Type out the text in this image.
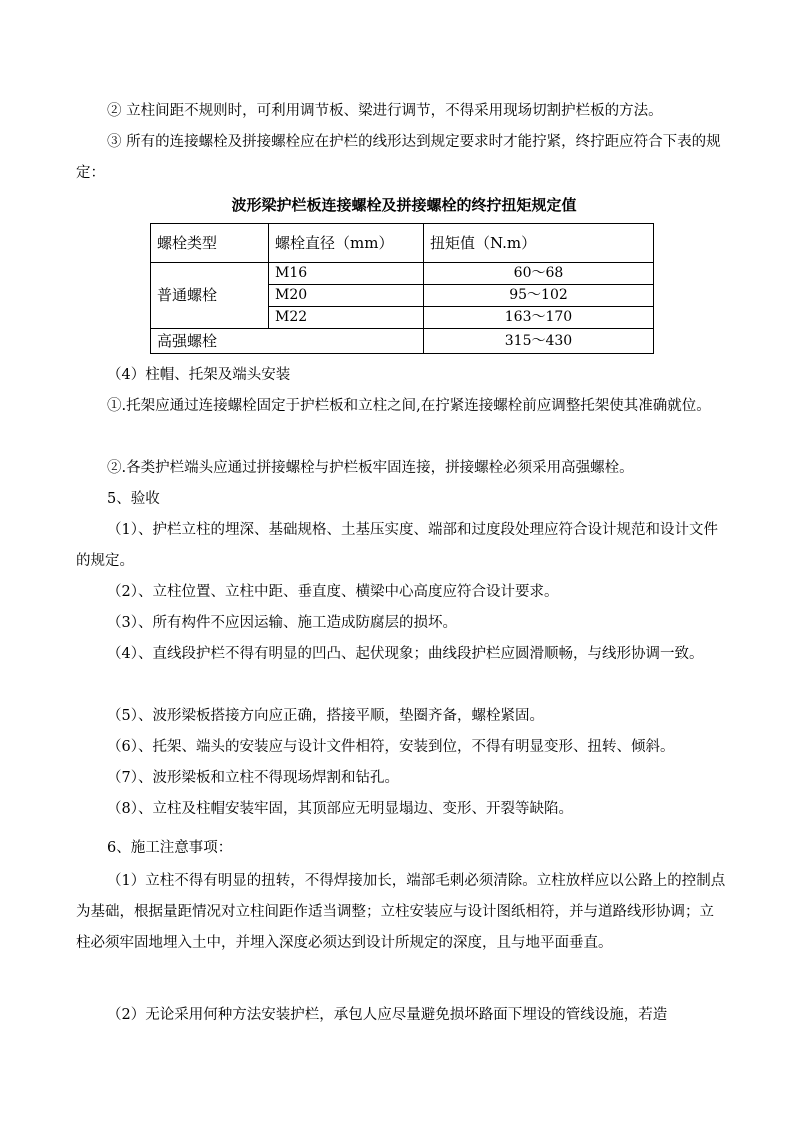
② 立柱间距不规则时，可利用调节板、梁进行调节，不得采用现场切割护栏板的方法。

③ 所有的连接螺栓及拼接螺栓应在护栏的线形达到规定要求时才能拧紧，终拧距应符合下表的规定：

波形梁护栏板连接螺栓及拼接螺栓的终拧扭矩规定值

螺栓类型	螺栓直径（mm）	扭矩值（N.m）
普通螺栓	M16	60～68
	M20	95～102
	M22	163～170
高强螺栓		315～430

（4）柱帽、托架及端头安装

①.托架应通过连接螺栓固定于护栏板和立柱之间,在拧紧连接螺栓前应调整托架使其准确就位。

②.各类护栏端头应通过拼接螺栓与护栏板牢固连接，拼接螺栓必须采用高强螺栓。

5、验收

（1）、护栏立柱的埋深、基础规格、土基压实度、端部和过度段处理应符合设计规范和设计文件的规定。

（2）、立柱位置、立柱中距、垂直度、横梁中心高度应符合设计要求。

（3）、所有构件不应因运输、施工造成防腐层的损坏。

（4）、直线段护栏不得有明显的凹凸、起伏现象；曲线段护栏应圆滑顺畅，与线形协调一致。

（5）、波形梁板搭接方向应正确，搭接平顺，垫圈齐备，螺栓紧固。

（6）、托架、端头的安装应与设计文件相符，安装到位，不得有明显变形、扭转、倾斜。

（7）、波形梁板和立柱不得现场焊割和钻孔。

（8）、立柱及柱帽安装牢固，其顶部应无明显塌边、变形、开裂等缺陷。

6、施工注意事项：

（1）立柱不得有明显的扭转，不得焊接加长，端部毛刺必须清除。立柱放样应以公路上的控制点为基础，根据量距情况对立柱间距作适当调整；立柱安装应与设计图纸相符，并与道路线形协调；立柱必须牢固地埋入土中，并埋入深度必须达到设计所规定的深度，且与地平面垂直。

（2）无论采用何种方法安装护栏，承包人应尽量避免损坏路面下埋设的管线设施，若造
